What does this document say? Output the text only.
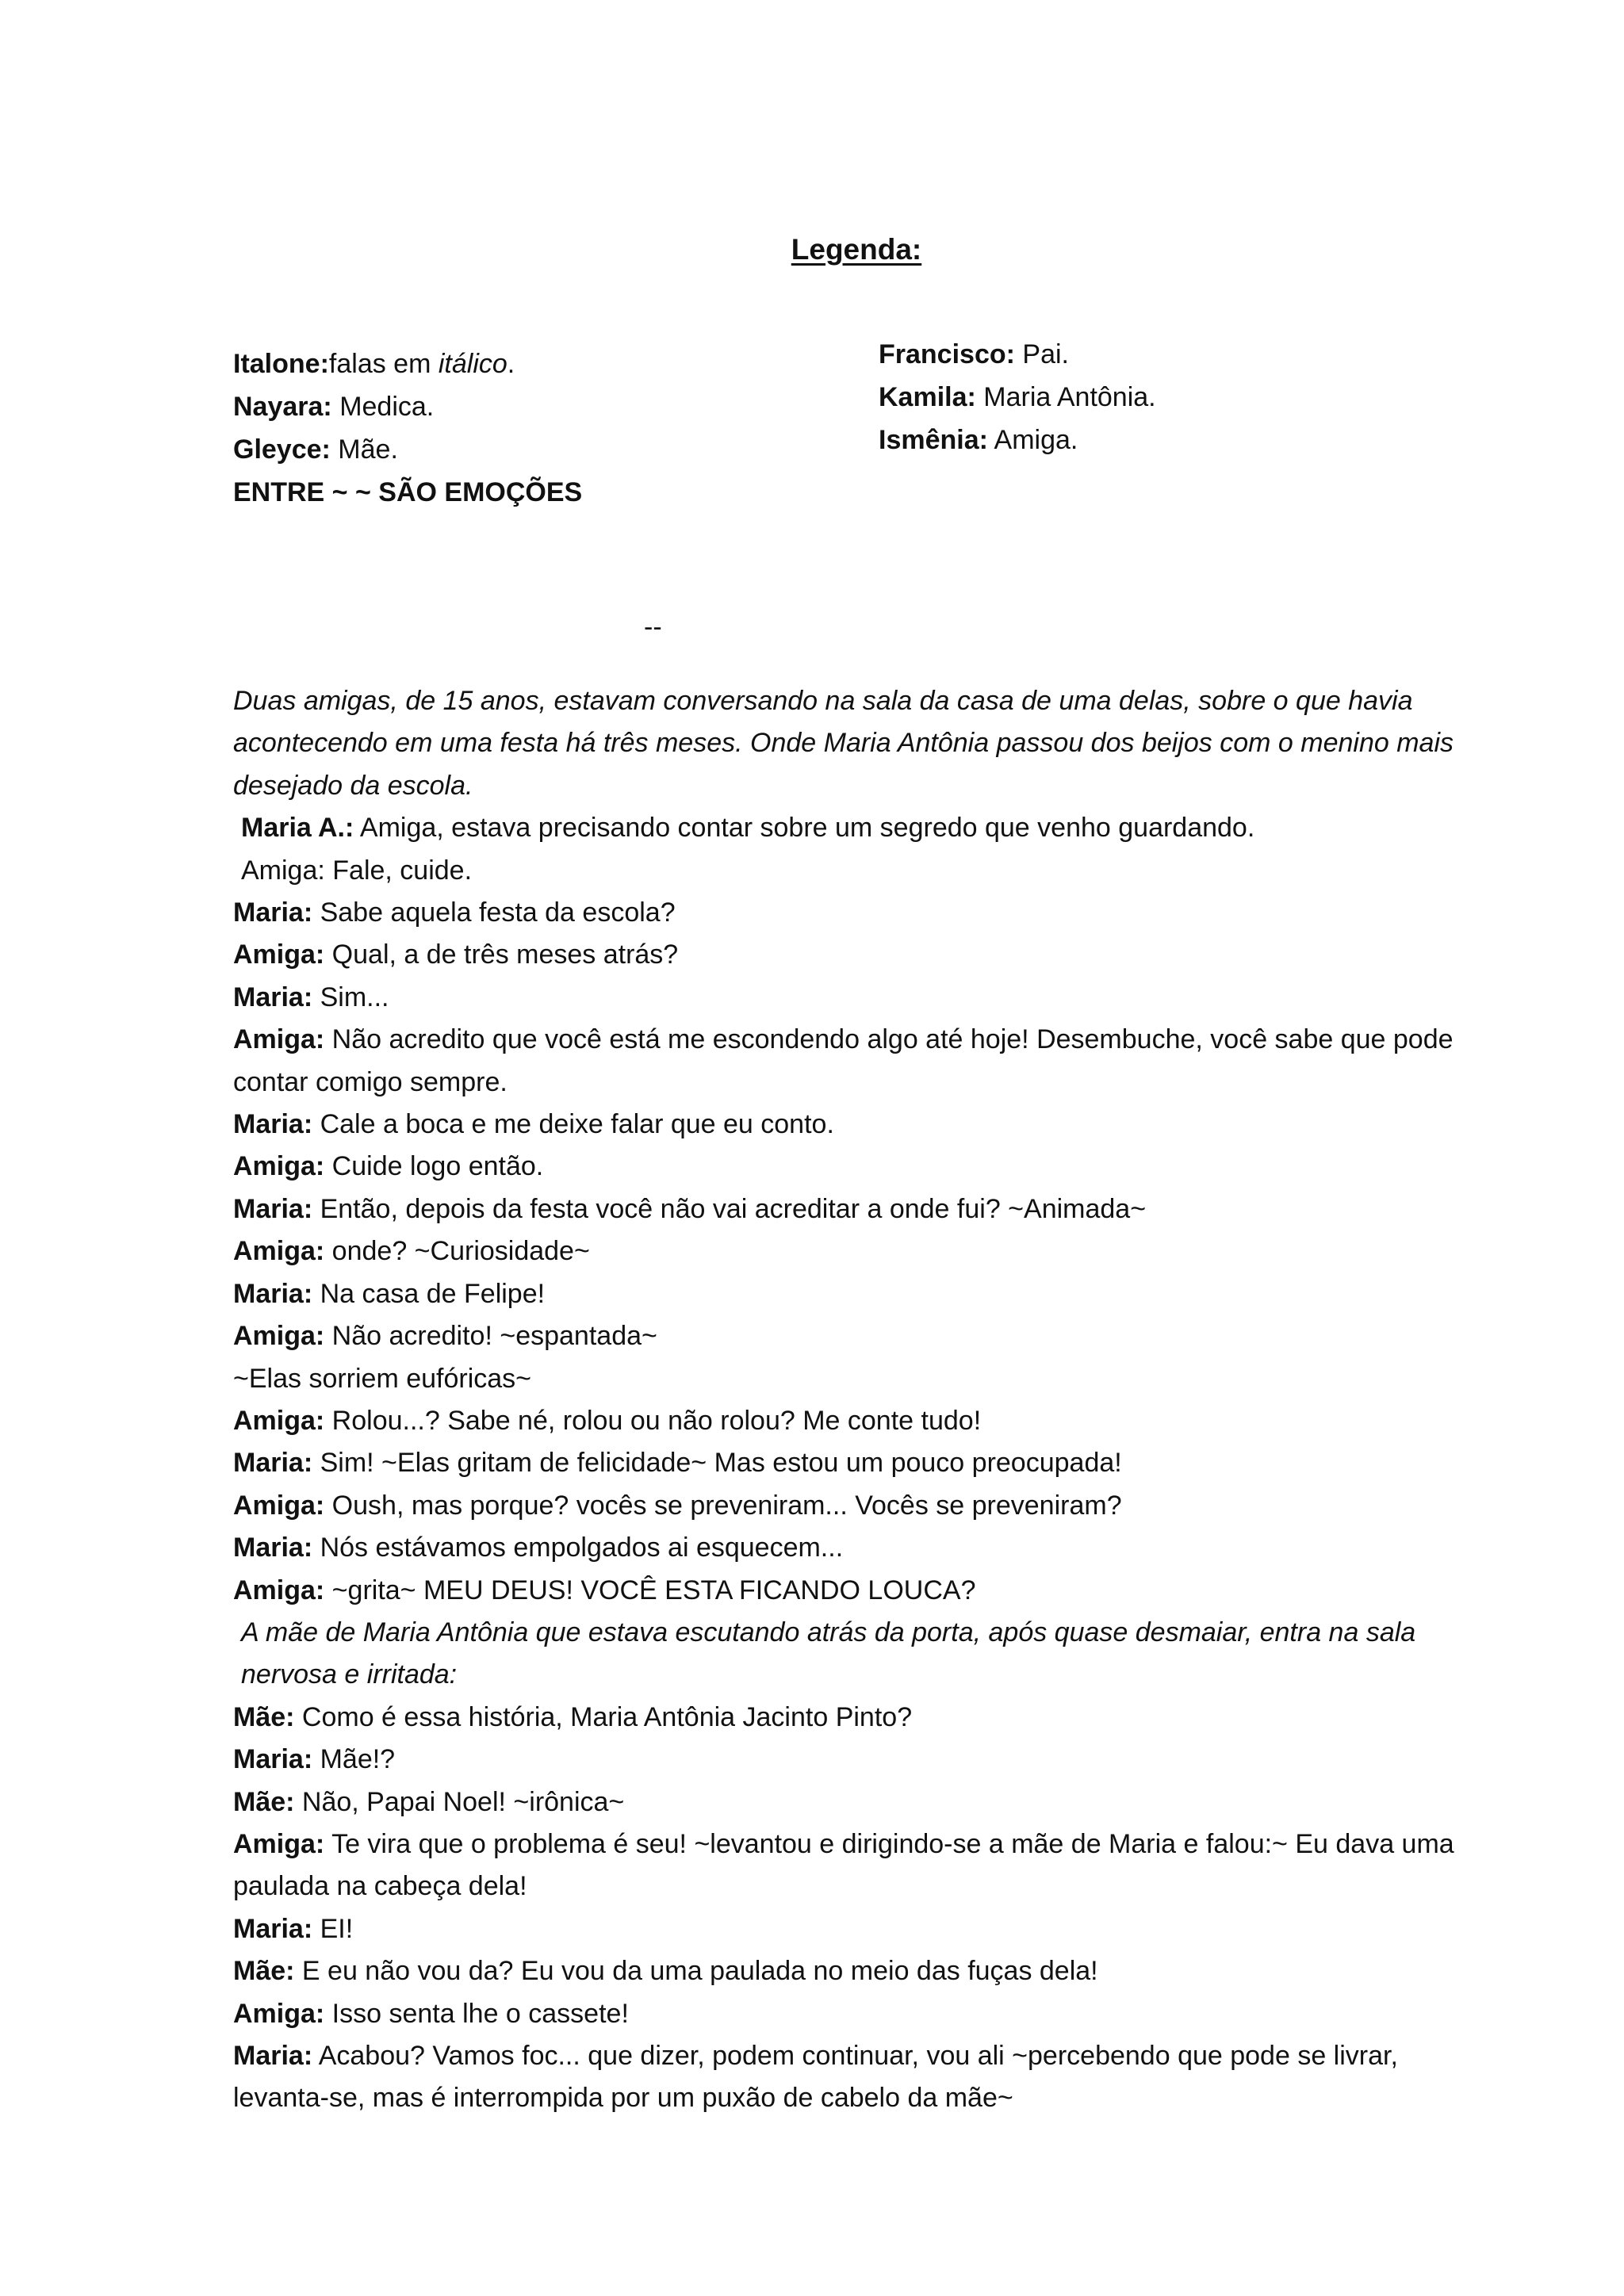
Legenda:
Italone:falas em itálico.
Nayara: Medica.
Gleyce: Mãe.
ENTRE ~ ~ SÃO EMOÇÕES
Francisco: Pai.
Kamila: Maria Antônia.
Ismênia: Amiga.
--

Duas amigas, de 15 anos, estavam conversando na sala da casa de uma delas, sobre o que havia acontecendo em uma festa há três meses. Onde Maria Antônia passou dos beijos com o menino mais desejado da escola.

Maria A.: Amiga, estava precisando contar sobre um segredo que venho guardando.

Amiga: Fale, cuide.

Maria: Sabe aquela festa da escola?

Amiga: Qual, a de três meses atrás?

Maria: Sim...

Amiga: Não acredito que você está me escondendo algo até hoje! Desembuche, você sabe que pode contar comigo sempre.

Maria: Cale a boca e me deixe falar que eu conto.

Amiga: Cuide logo então.

Maria: Então, depois da festa você não vai acreditar a onde fui? ~Animada~

Amiga: onde? ~Curiosidade~

Maria: Na casa de Felipe!

Amiga: Não acredito! ~espantada~

~Elas sorriem eufóricas~

Amiga: Rolou...? Sabe né, rolou ou não rolou? Me conte tudo!

Maria: Sim! ~Elas gritam de felicidade~ Mas estou um pouco preocupada!

Amiga: Oush, mas porque? vocês se preveniram... Vocês se preveniram?

Maria: Nós estávamos empolgados ai esquecem...

Amiga: ~grita~ MEU DEUS! VOCÊ ESTA FICANDO LOUCA?

A mãe de Maria Antônia que estava escutando atrás da porta, após quase desmaiar, entra na sala nervosa e irritada:

Mãe: Como é essa história, Maria Antônia Jacinto Pinto?

Maria: Mãe!?

Mãe: Não, Papai Noel! ~irônica~

Amiga: Te vira que o problema é seu! ~levantou e dirigindo-se a mãe de Maria e falou:~ Eu dava uma paulada na cabeça dela!

Maria: EI!

Mãe: E eu não vou da? Eu vou da uma paulada no meio das fuças dela!

Amiga: Isso senta lhe o cassete!

Maria: Acabou? Vamos foc... que dizer, podem continuar, vou ali ~percebendo que pode se livrar, levanta-se, mas é interrompida por um puxão de cabelo da mãe~
